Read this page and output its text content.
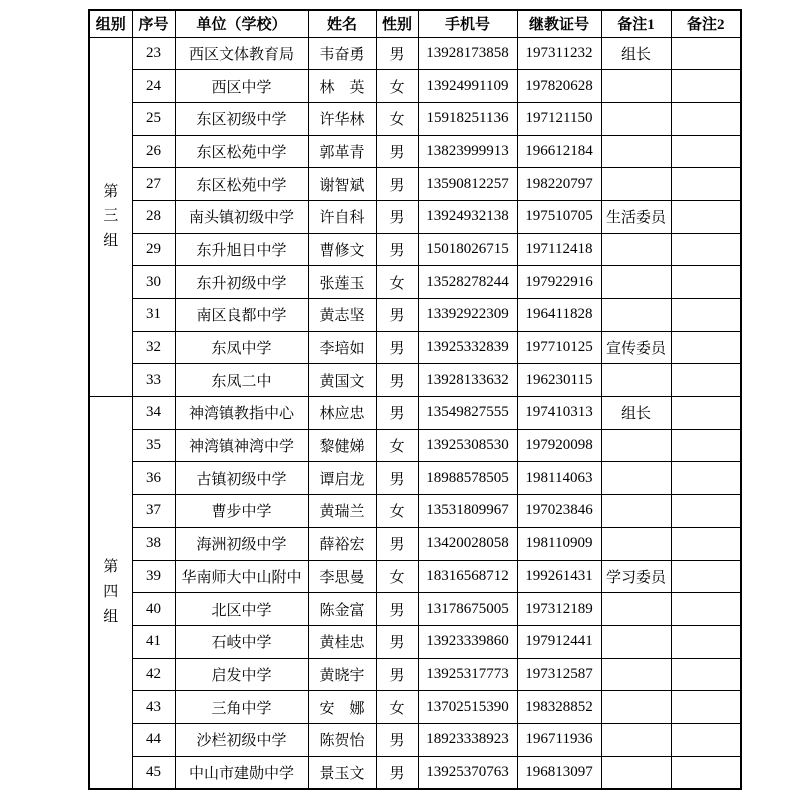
组别	序号	单位（学校）	姓名	性别	手机号	继教证号	备注1	备注2

第
三
组	23	西区文体教育局	韦奋勇	男	13928173858	197311232	组长	
	24	西区中学	林　英	女	13924991109	197820628		
	25	东区初级中学	许华林	女	15918251136	197121150		
	26	东区松苑中学	郭革青	男	13823999913	196612184		
	27	东区松苑中学	谢智斌	男	13590812257	198220797		
	28	南头镇初级中学	许自科	男	13924932138	197510705	生活委员	
	29	东升旭日中学	曹修文	男	15018026715	197112418		
	30	东升初级中学	张莲玉	女	13528278244	197922916		
	31	南区良都中学	黄志坚	男	13392922309	196411828		
	32	东凤中学	李培如	男	13925332839	197710125	宣传委员	
	33	东凤二中	黄国文	男	13928133632	196230115		

第
四
组	34	神湾镇教指中心	林应忠	男	13549827555	197410313	组长	
	35	神湾镇神湾中学	黎健娣	女	13925308530	197920098		
	36	古镇初级中学	谭启龙	男	18988578505	198114063		
	37	曹步中学	黄瑞兰	女	13531809967	197023846		
	38	海洲初级中学	薛裕宏	男	13420028058	198110909		
	39	华南师大中山附中	李思曼	女	18316568712	199261431	学习委员	
	40	北区中学	陈金富	男	13178675005	197312189		
	41	石岐中学	黄桂忠	男	13923339860	197912441		
	42	启发中学	黄晓宇	男	13925317773	197312587		
	43	三角中学	安　娜	女	13702515390	198328852		
	44	沙栏初级中学	陈贺怡	男	18923338923	196711936		
	45	中山市建勋中学	景玉文	男	13925370763	196813097		
